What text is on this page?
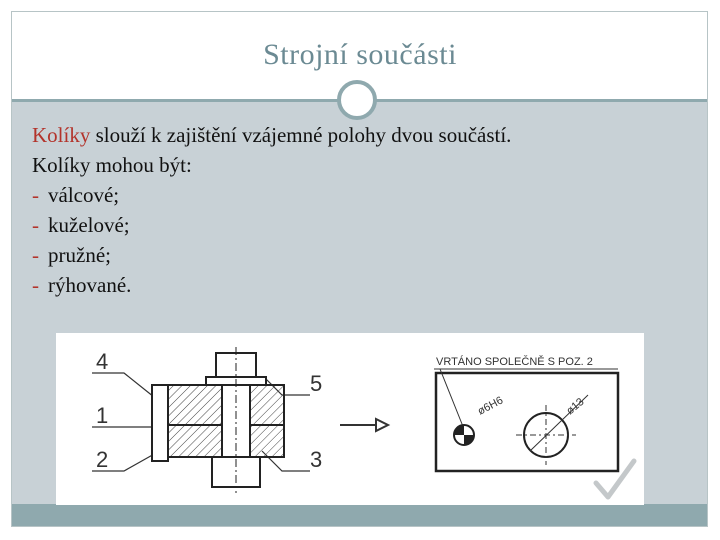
Strojní součásti
Kolíky slouží k zajištění vzájemné polohy dvou součástí.
Kolíky mohou být:
- válcové;
- kuželové;
- pružné;
- rýhované.
4
1
2
5
3
VRTÁNO SPOLEČNĚ S POZ. 2
ø6H6	ø13
